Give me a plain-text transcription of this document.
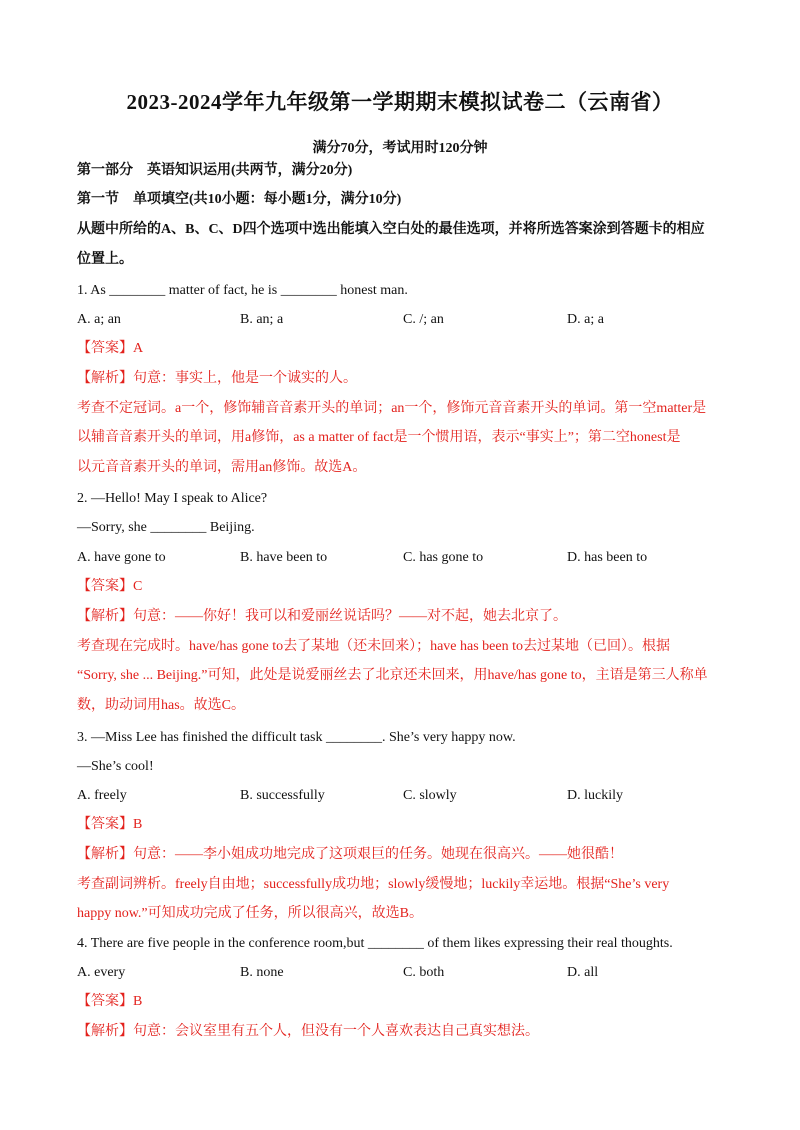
2023-2024学年九年级第一学期期末模拟试卷二（云南省）
满分70分，考试用时120分钟
第一部分　英语知识运用(共两节，满分20分)
第一节　单项填空(共10小题：每小题1分，满分10分)
从题中所给的A、B、C、D四个选项中选出能填入空白处的最佳选项，并将所选答案涂到答题卡的相应
位置上。
1. As ________ matter of fact, he is ________ honest man.
A. a; an	B. an; a	C. /; an	D. a; a
【答案】A
【解析】句意：事实上，他是一个诚实的人。
考查不定冠词。a一个，修饰辅音音素开头的单词；an一个，修饰元音音素开头的单词。第一空matter是
以辅音音素开头的单词，用a修饰，as a matter of fact是一个惯用语，表示“事实上”；第二空honest是
以元音音素开头的单词，需用an修饰。故选A。
2. —Hello! May I speak to Alice?
—Sorry, she ________ Beijing.
A. have gone to	B. have been to	C. has gone to	D. has been to
【答案】C
【解析】句意：——你好！我可以和爱丽丝说话吗？——对不起，她去北京了。
考查现在完成时。have/has gone to去了某地（还未回来）；have has been to去过某地（已回）。根据
“Sorry, she ... Beijing.”可知，此处是说爱丽丝去了北京还未回来，用have/has gone to，主语是第三人称单
数，助动词用has。故选C。
3. —Miss Lee has finished the difficult task ________. She’s very happy now.
—She’s cool!
A. freely	B. successfully	C. slowly	D. luckily
【答案】B
【解析】句意：——李小姐成功地完成了这项艰巨的任务。她现在很高兴。——她很酷！
考查副词辨析。freely自由地；successfully成功地；slowly缓慢地；luckily幸运地。根据“She’s very
happy now.”可知成功完成了任务，所以很高兴，故选B。
4. There are five people in the conference room,but ________ of them likes expressing their real thoughts.
A. every	B. none	C. both	D. all
【答案】B
【解析】句意：会议室里有五个人，但没有一个人喜欢表达自己真实想法。
